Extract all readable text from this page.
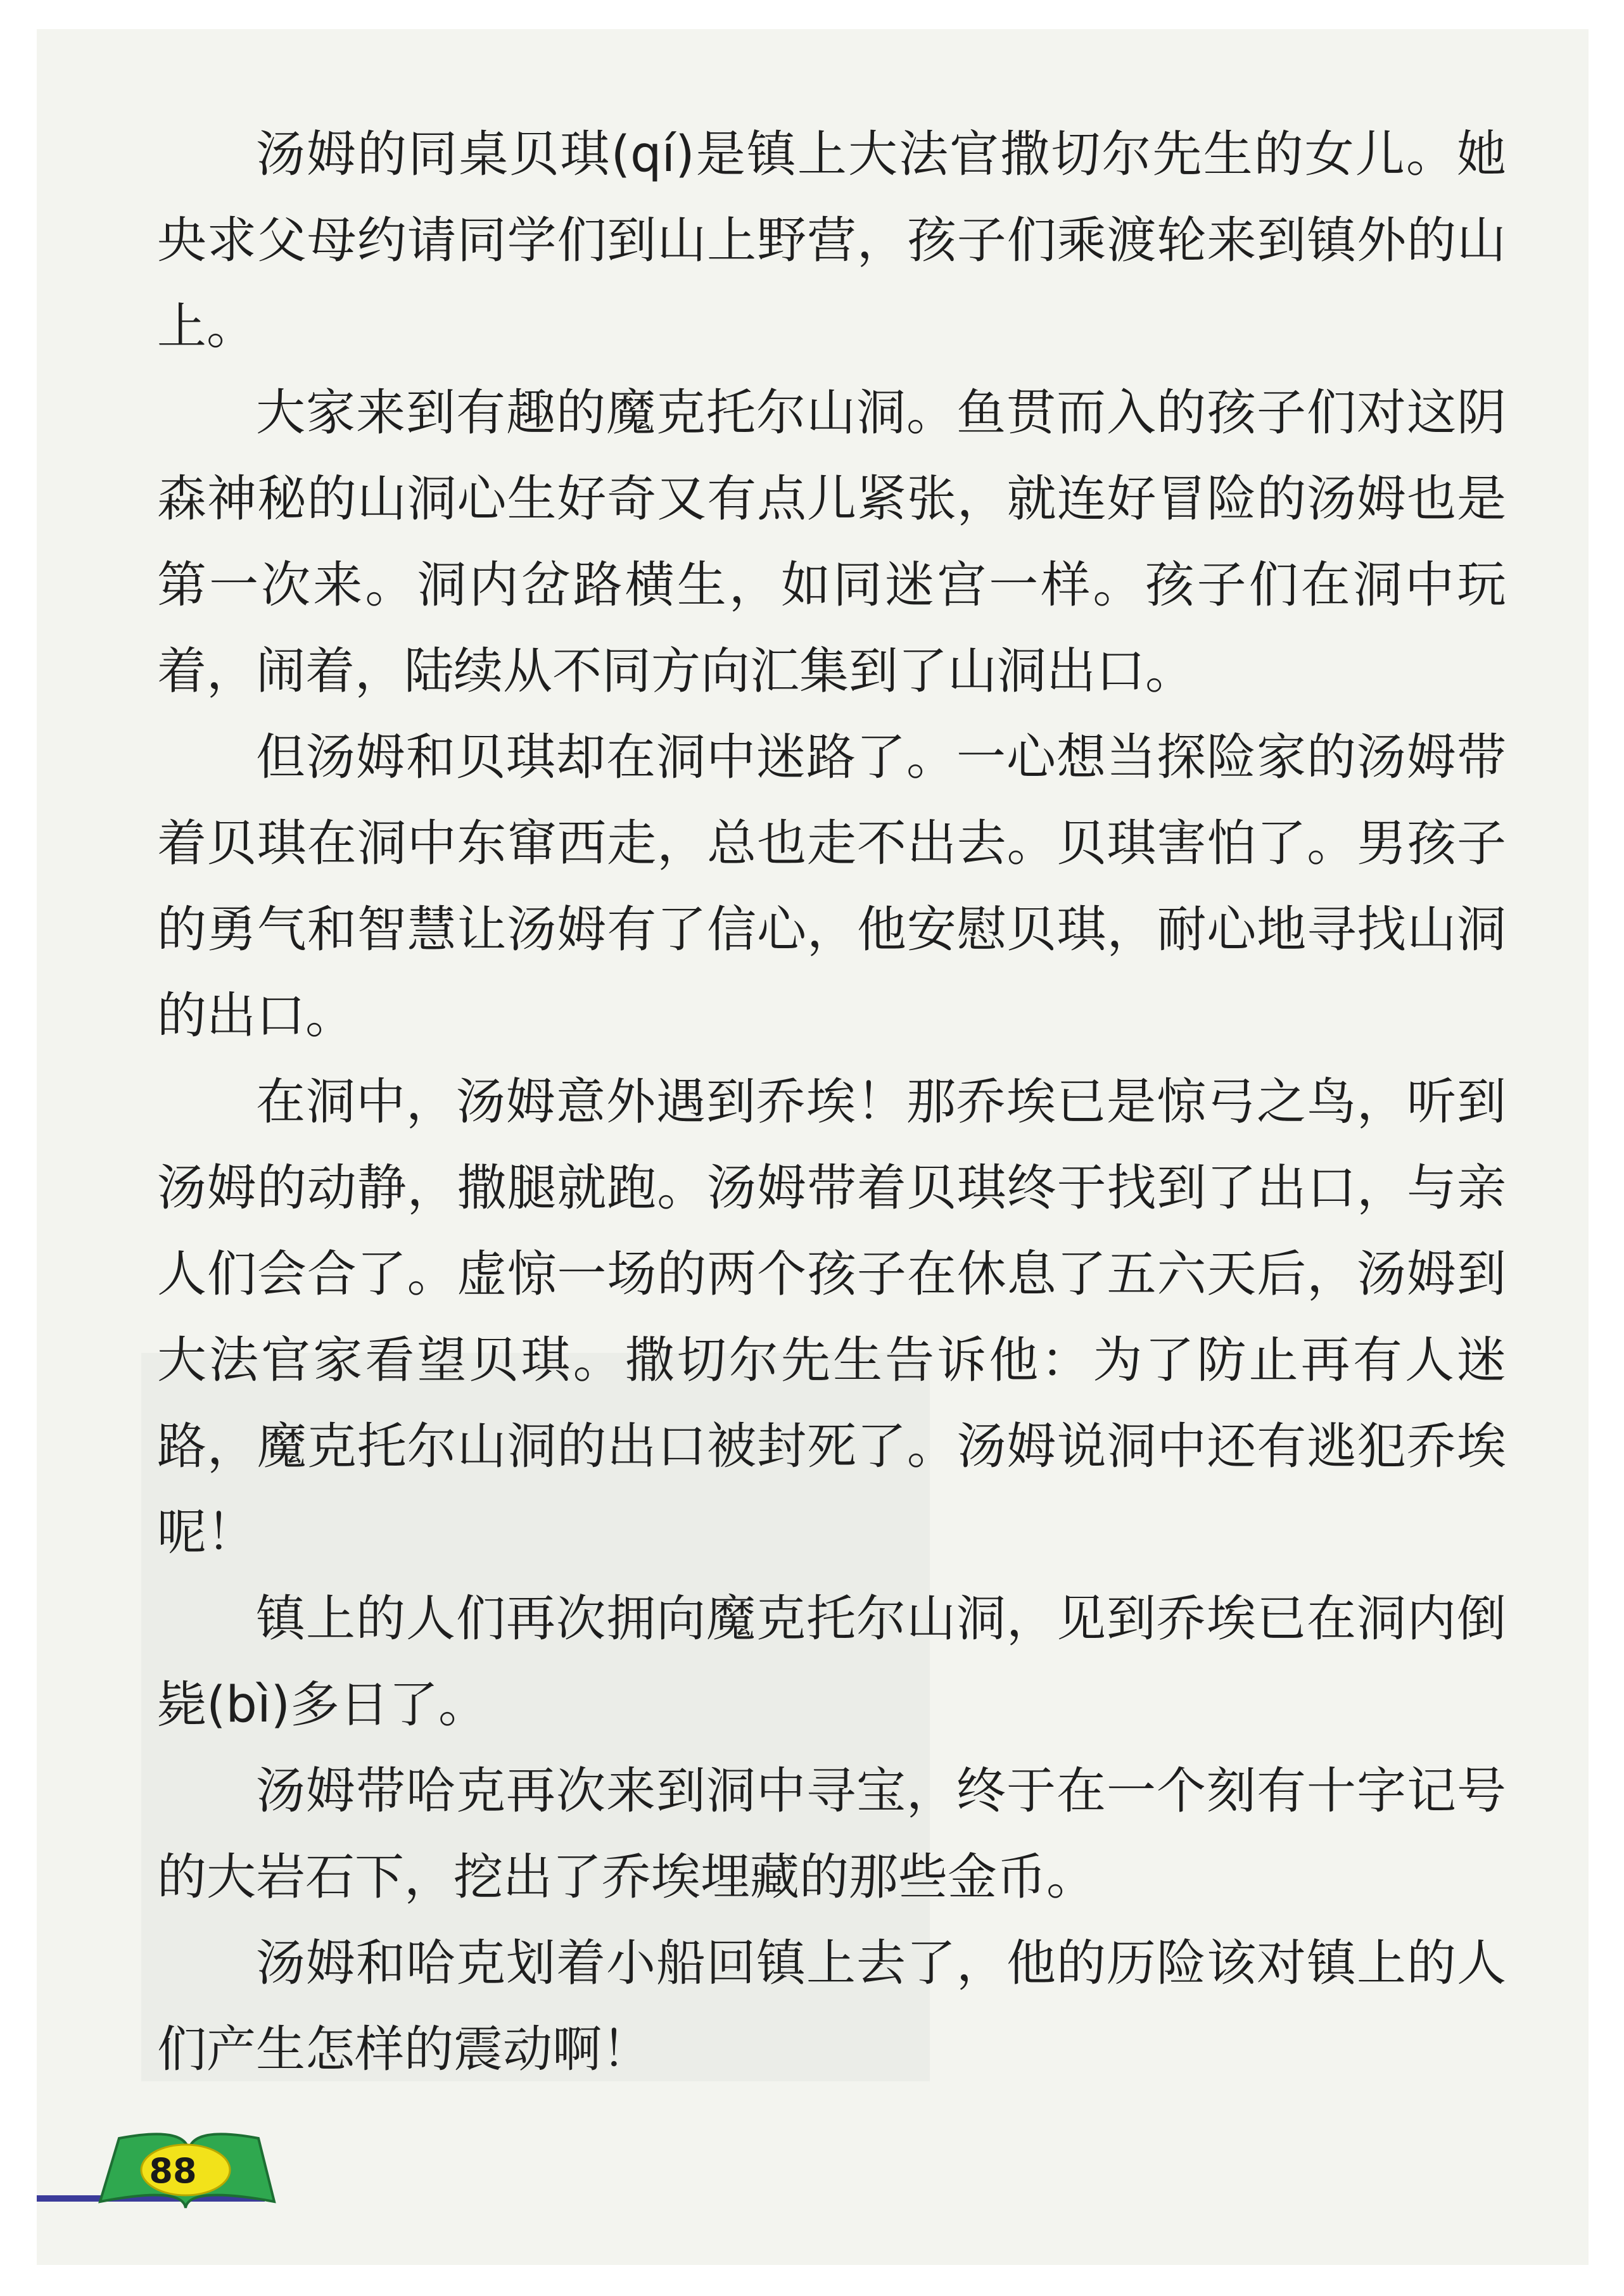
汤姆的同桌贝琪(qí)是镇上大法官撒切尔先生的女儿。她央求父母约请同学们到山上野营，孩子们乘渡轮来到镇外的山上。

大家来到有趣的魔克托尔山洞。鱼贯而入的孩子们对这阴森神秘的山洞心生好奇又有点儿紧张，就连好冒险的汤姆也是第一次来。洞内岔路横生，如同迷宫一样。孩子们在洞中玩着，闹着，陆续从不同方向汇集到了山洞出口。

但汤姆和贝琪却在洞中迷路了。一心想当探险家的汤姆带着贝琪在洞中东窜西走，总也走不出去。贝琪害怕了。男孩子的勇气和智慧让汤姆有了信心，他安慰贝琪，耐心地寻找山洞的出口。

在洞中，汤姆意外遇到乔埃！那乔埃已是惊弓之鸟，听到汤姆的动静，撒腿就跑。汤姆带着贝琪终于找到了出口，与亲人们会合了。虚惊一场的两个孩子在休息了五六天后，汤姆到大法官家看望贝琪。撒切尔先生告诉他：为了防止再有人迷路，魔克托尔山洞的出口被封死了。汤姆说洞中还有逃犯乔埃呢！

镇上的人们再次拥向魔克托尔山洞，见到乔埃已在洞内倒毙(bì)多日了。

汤姆带哈克再次来到洞中寻宝，终于在一个刻有十字记号的大岩石下，挖出了乔埃埋藏的那些金币。

汤姆和哈克划着小船回镇上去了，他的历险该对镇上的人们产生怎样的震动啊！

88
